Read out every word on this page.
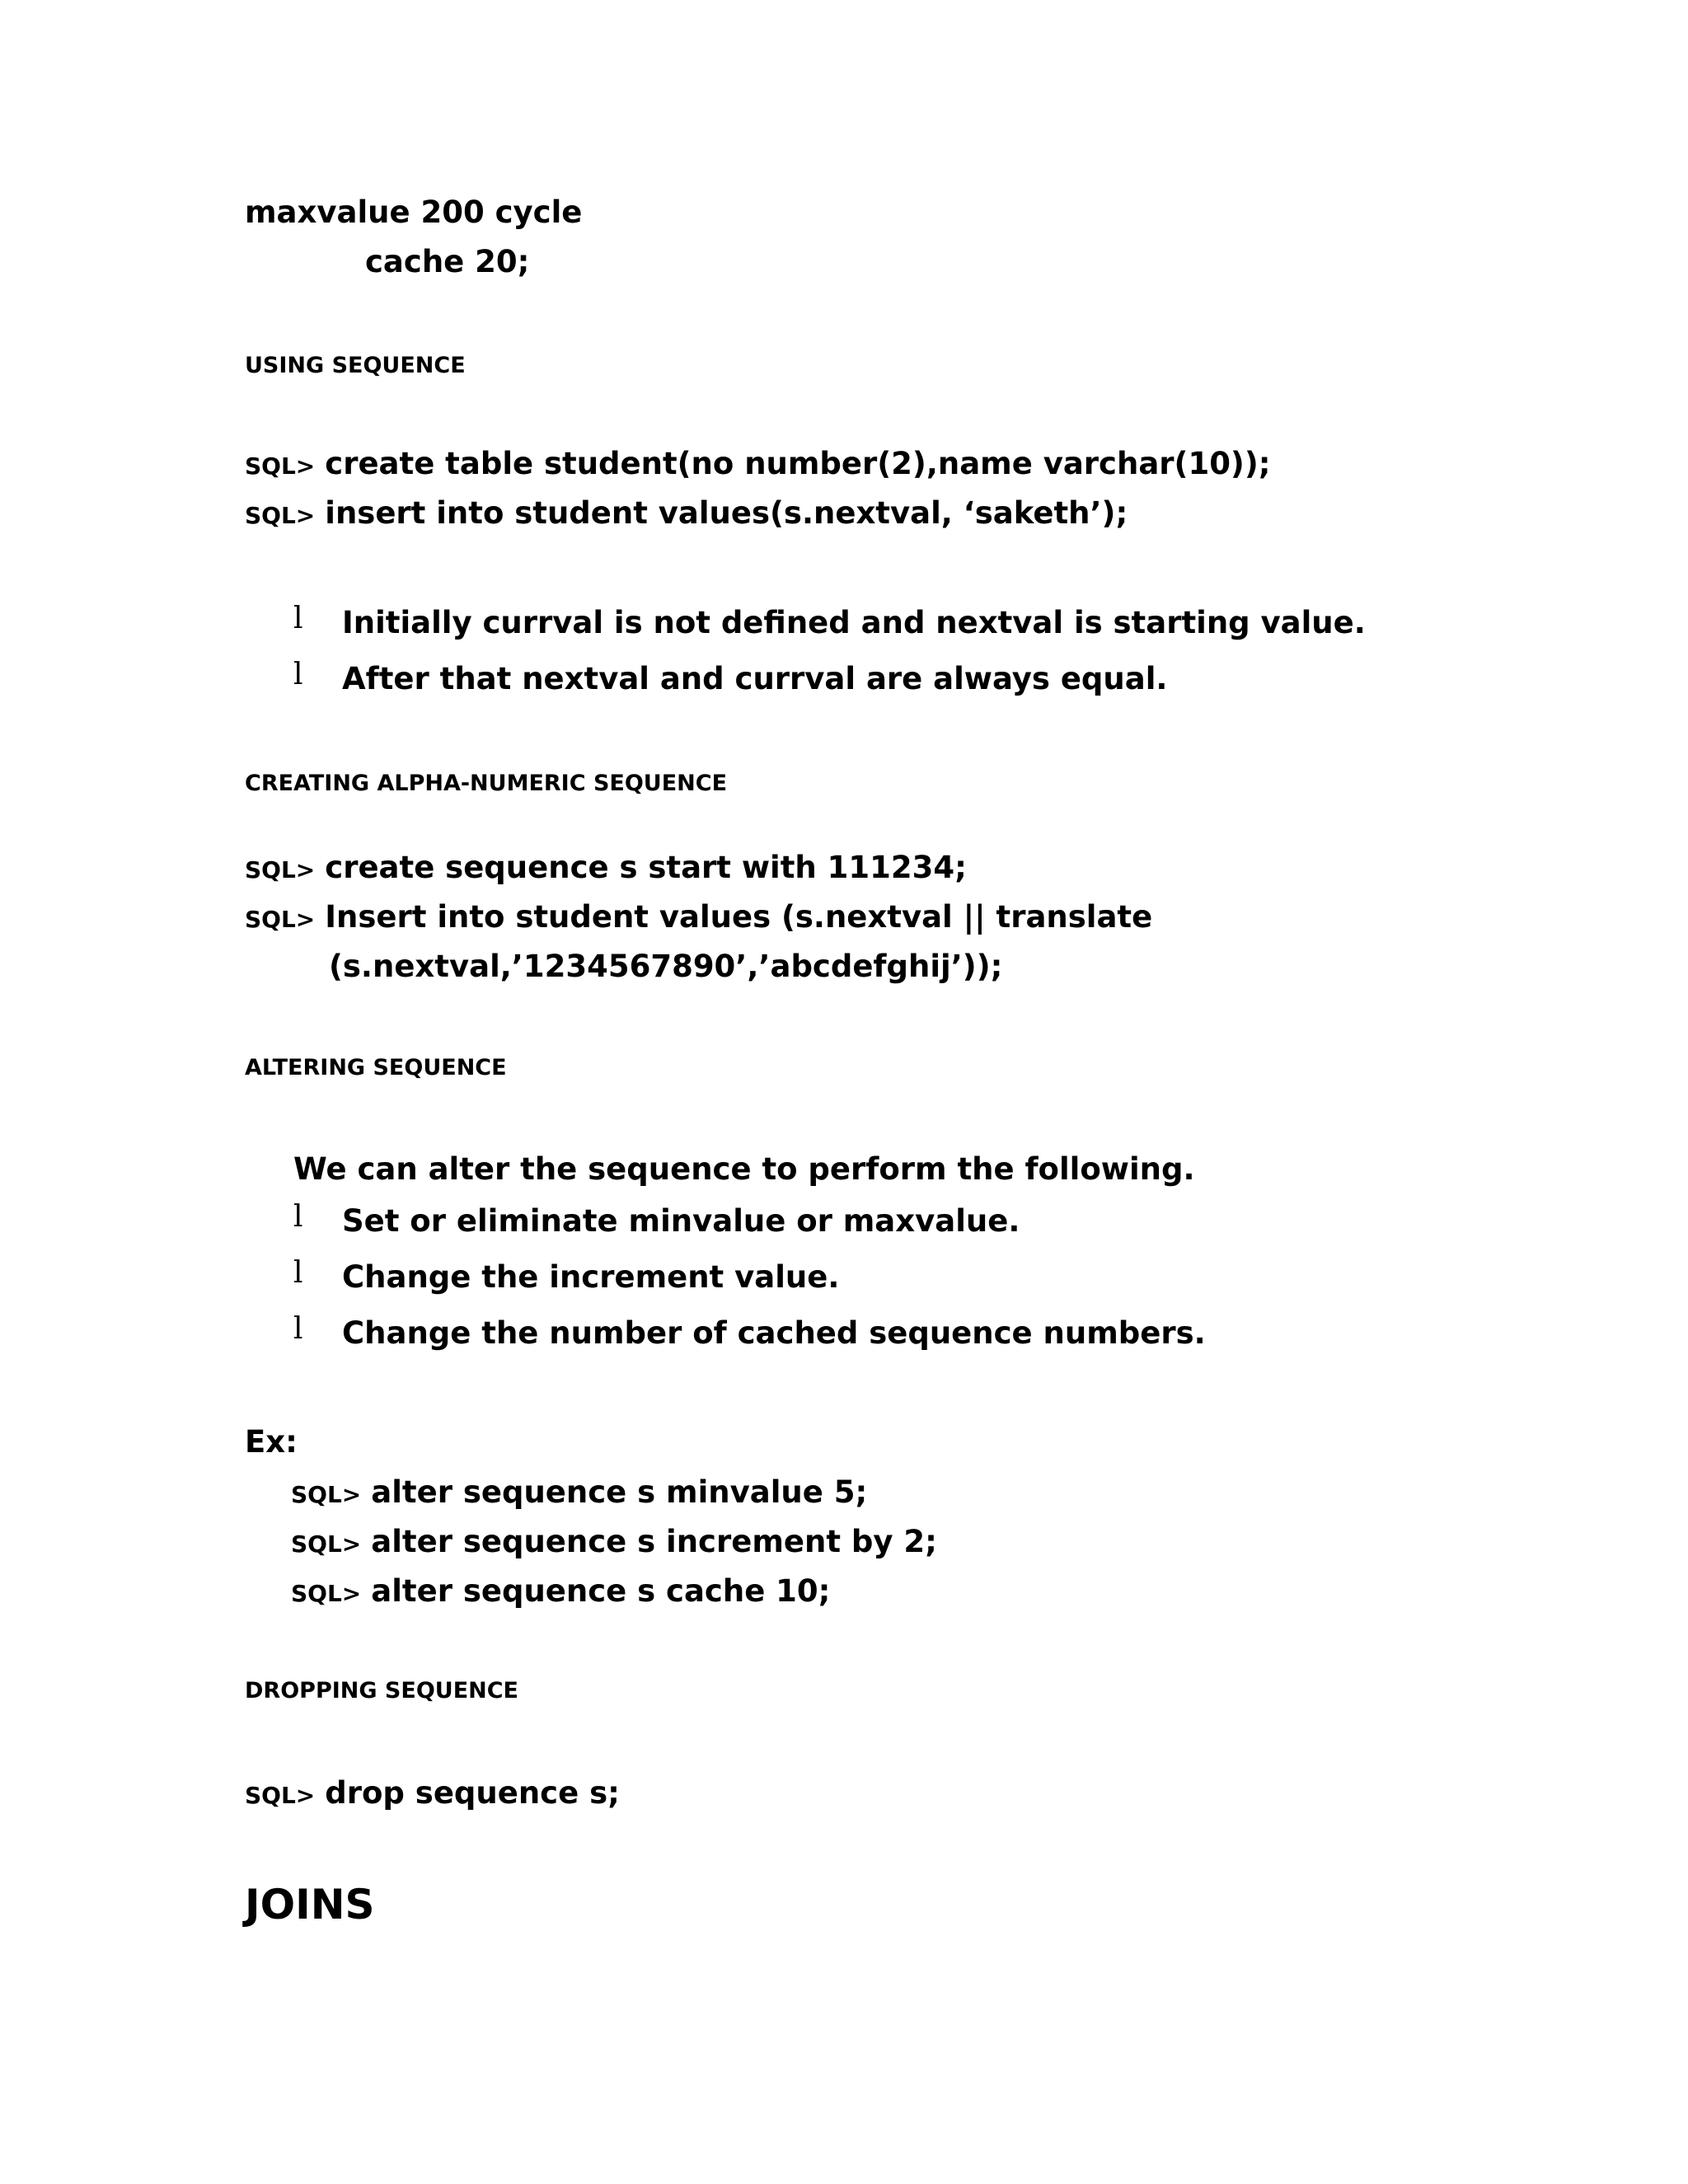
maxvalue 200 cycle
cache 20;
USING SEQUENCE
SQL> create table student(no number(2),name varchar(10));
SQL> insert into student values(s.nextval, ‘saketh’);
l Initially currval is not defined and nextval is starting value.
l After that nextval and currval are always equal.
CREATING ALPHA-NUMERIC SEQUENCE
SQL> create sequence s start with 111234;
SQL> Insert into student values (s.nextval || translate
(s.nextval,’1234567890’,’abcdefghij’));
ALTERING SEQUENCE
We can alter the sequence to perform the following.
l Set or eliminate minvalue or maxvalue.
l Change the increment value.
l Change the number of cached sequence numbers.
Ex:
SQL> alter sequence s minvalue 5;
SQL> alter sequence s increment by 2;
SQL> alter sequence s cache 10;
DROPPING SEQUENCE
SQL> drop sequence s;
JOINS
